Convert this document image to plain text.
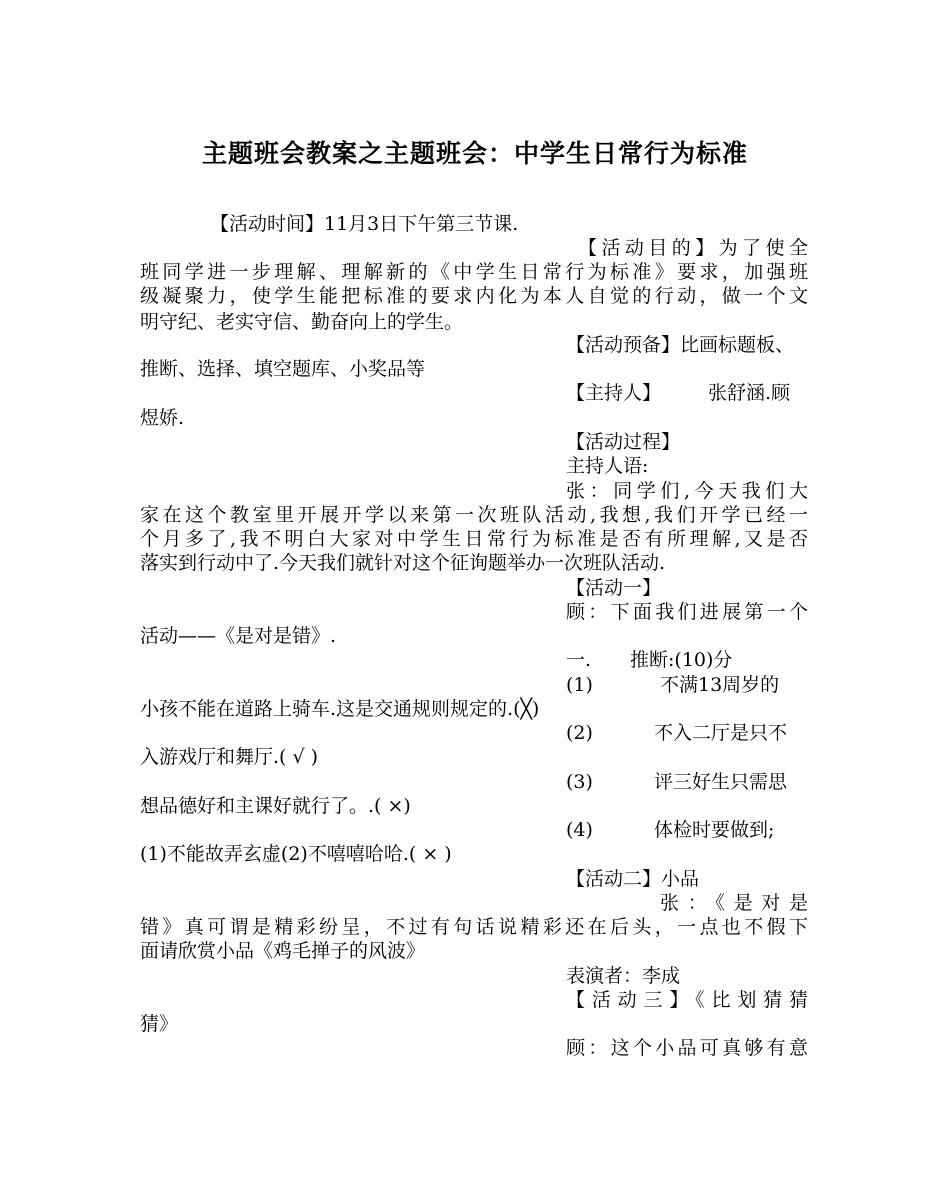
主题班会教案之主题班会：中学生日常行为标准
【活动时间】11月3日下午第三节课.
【活动目的】为了使全
班同学进一步理解、理解新的《中学生日常行为标准》要求，加强班
级凝聚力，使学生能把标准的要求内化为本人自觉的行动，做一个文
明守纪、老实守信、勤奋向上的学生。
【活动预备】比画标题板、
推断、选择、填空题库、小奖品等
【主持人】 张舒涵.顾
煜娇.
【活动过程】
主持人语:
张：同学们,今天我们大
家在这个教室里开展开学以来第一次班队活动,我想,我们开学已经一
个月多了,我不明白大家对中学生日常行为标准是否有所理解,又是否
落实到行动中了.今天我们就针对这个征询题举办一次班队活动.
【活动一】
顾：下面我们进展第一个
活动——《是对是错》.
一. 推断:(10)分
(1)	不满13周岁的
小孩不能在道路上骑车.这是交通规则规定的.(╳)
(2)	不入二厅是只不
入游戏厅和舞厅.( √ )
(3)	评三好生只需思
想品德好和主课好就行了。.( ×)
(4)	体检时要做到;
(1)不能故弄玄虚(2)不嘻嘻哈哈.( × )
【活动二】小品
张：《是对是
错》真可谓是精彩纷呈，不过有句话说精彩还在后头，一点也不假下
面请欣赏小品《鸡毛掸子的风波》
表演者：李成
【活动三】《比划猜猜
猜》
顾：这个小品可真够有意
